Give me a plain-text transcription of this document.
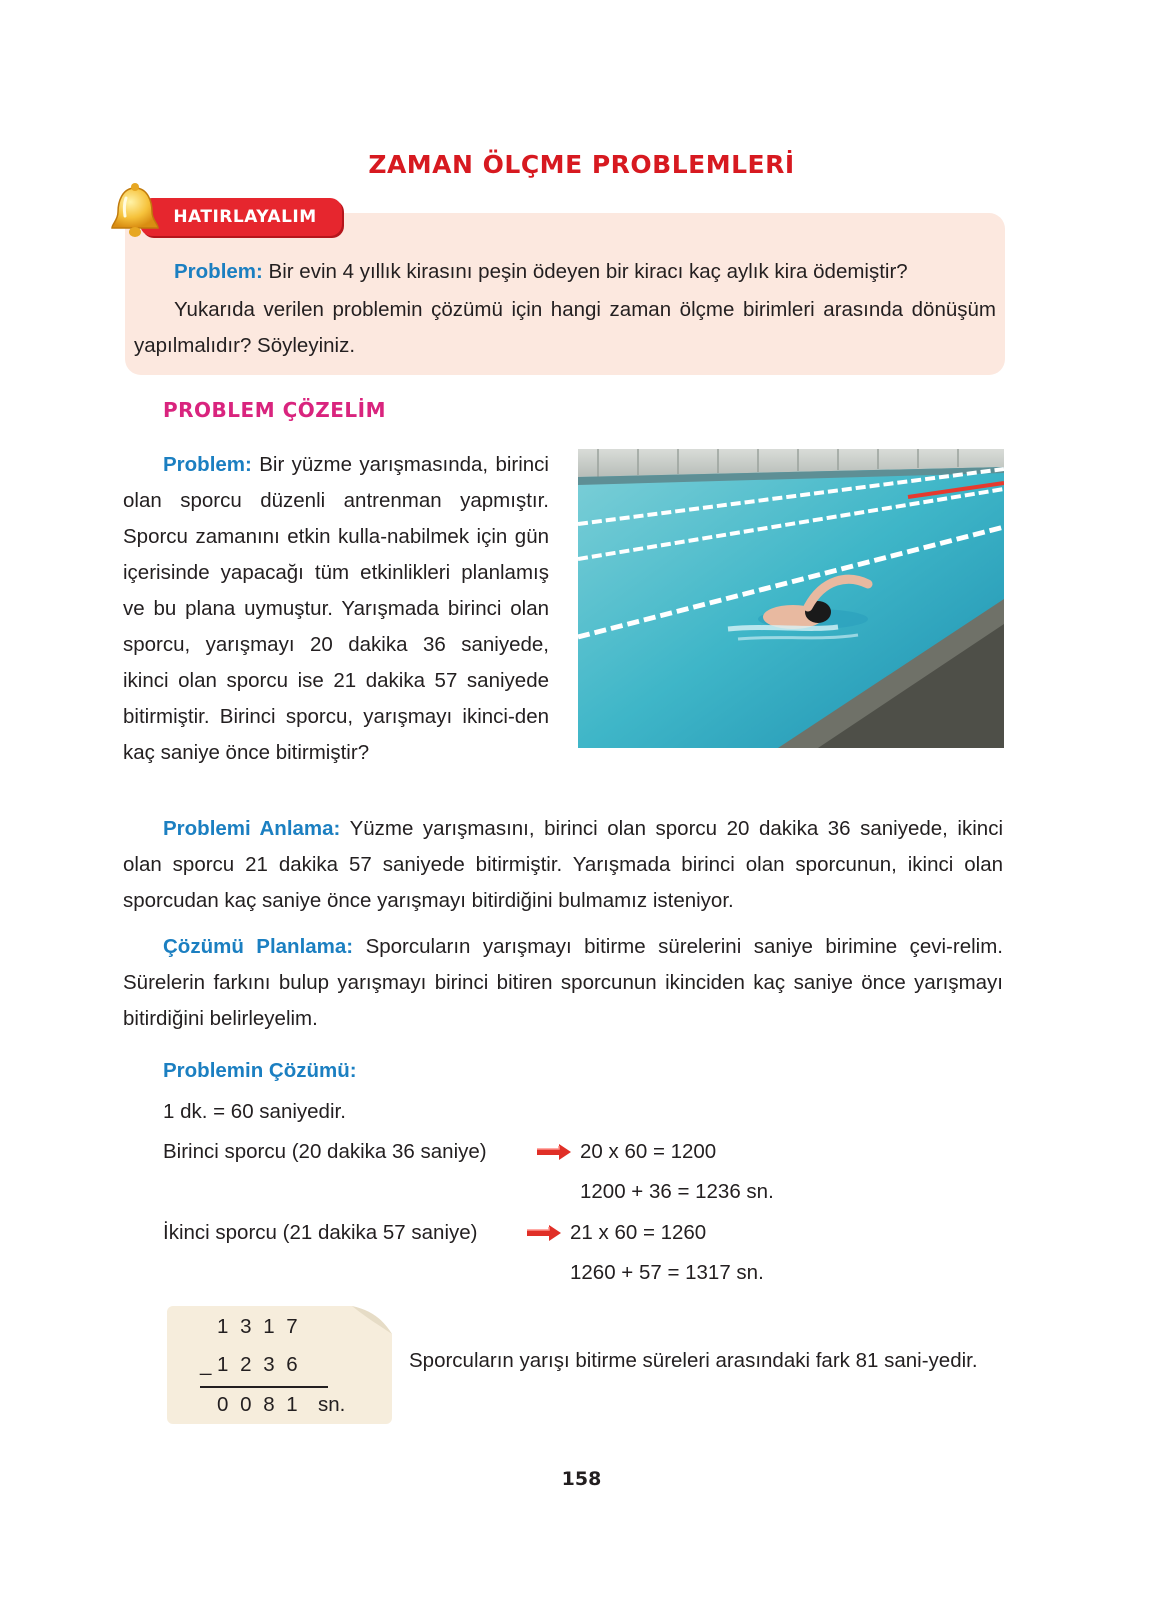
ZAMAN ÖLÇME PROBLEMLERİ
HATIRLAYALIM
Problem: Bir evin 4 yıllık kirasını peşin ödeyen bir kiracı kaç aylık kira ödemiştir?
Yukarıda verilen problemin çözümü için hangi zaman ölçme birimleri arasında dönüşüm yapılmalıdır? Söyleyiniz.
PROBLEM ÇÖZELİM
Problem: Bir yüzme yarışmasında, birinci olan sporcu düzenli antrenman yapmıştır. Sporcu zamanını etkin kulla-nabilmek için gün içerisinde yapacağı tüm etkinlikleri planlamış ve bu plana uymuştur. Yarışmada birinci olan sporcu, yarışmayı 20 dakika 36 saniyede, ikinci olan sporcu ise 21 dakika 57 saniyede bitirmiştir. Birinci sporcu, yarışmayı ikinci-den kaç saniye önce bitirmiştir?
Problemi Anlama: Yüzme yarışmasını, birinci olan sporcu 20 dakika 36 saniyede, ikinci olan sporcu 21 dakika 57 saniyede bitirmiştir. Yarışmada birinci olan sporcunun, ikinci olan sporcudan kaç saniye önce yarışmayı bitirdiğini bulmamız isteniyor.
Çözümü Planlama: Sporcuların yarışmayı bitirme sürelerini saniye birimine çevi-relim. Sürelerin farkını bulup yarışmayı birinci bitiren sporcunun ikinciden kaç saniye önce yarışmayı bitirdiğini belirleyelim.
Problemin Çözümü:
1 dk. = 60 saniyedir.
Birinci sporcu (20 dakika 36 saniye)	20 x 60 = 1200
1200 + 36 = 1236 sn.
İkinci sporcu (21 dakika 57 saniye)	21 x 60 = 1260
1260 + 57 = 1317 sn.
1 3 1 7
_ 1 2 3 6
0 0 8 1 sn.
Sporcuların yarışı bitirme süreleri arasındaki fark 81 sani-yedir.
158
